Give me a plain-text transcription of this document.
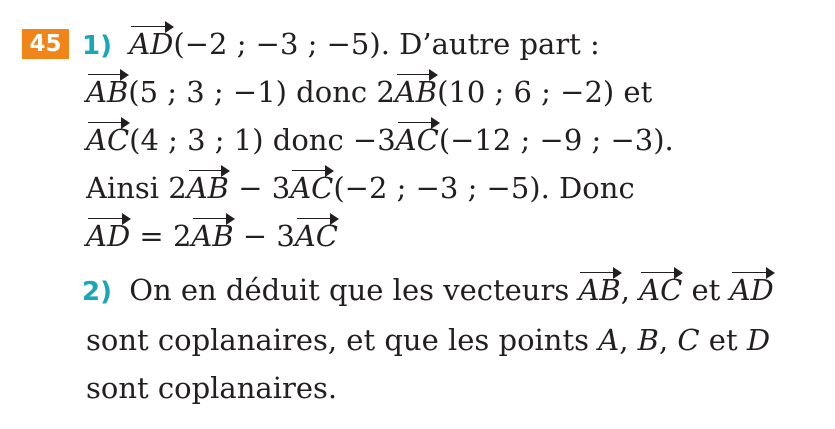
45 1) AD(−2 ; −3 ; −5). D’autre part :
AB(5 ; 3 ; −1) donc 2AB(10 ; 6 ; −2) et
AC(4 ; 3 ; 1) donc −3AC(−12 ; −9 ; −3).
Ainsi 2AB − 3AC(−2 ; −3 ; −5). Donc
AD = 2AB − 3AC
2) On en déduit que les vecteurs AB, AC et AD
sont coplanaires, et que les points A, B, C et D
sont coplanaires.
